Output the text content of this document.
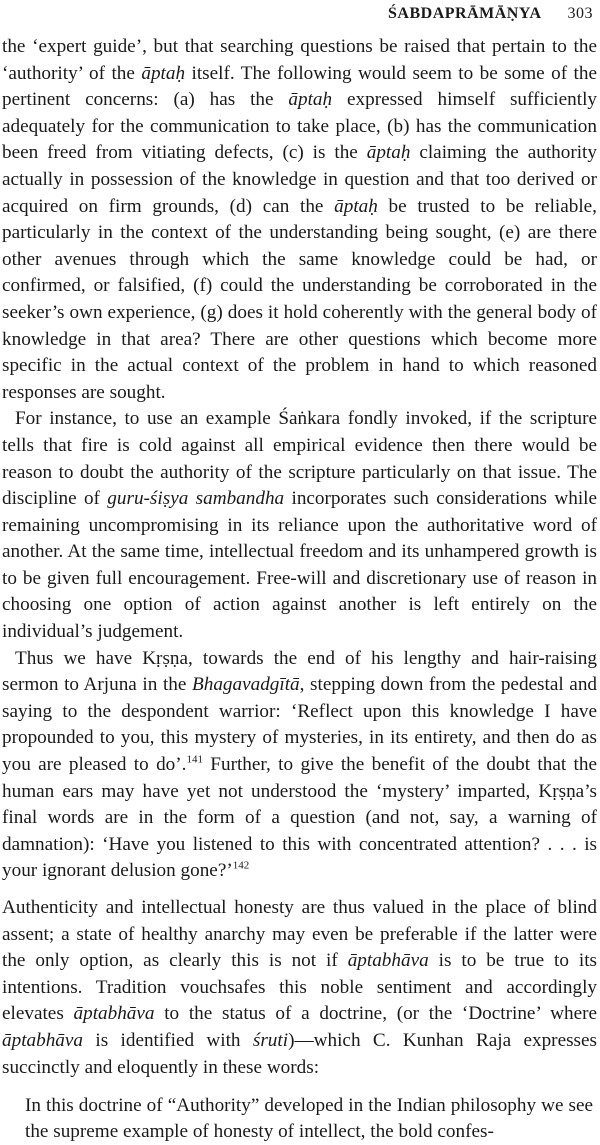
ŚABDAPRĀMĀṆYA 303

the ‘expert guide’, but that searching questions be raised that pertain to the ‘authority’ of the āptaḥ itself. The following would seem to be some of the pertinent concerns: (a) has the āptaḥ expressed himself sufficiently adequately for the communication to take place, (b) has the communication been freed from vitiating defects, (c) is the āptaḥ claiming the authority actually in possession of the knowledge in question and that too derived or acquired on firm grounds, (d) can the āptaḥ be trusted to be reliable, particularly in the context of the understanding being sought, (e) are there other avenues through which the same knowledge could be had, or confirmed, or falsified, (f) could the understanding be corroborated in the seeker’s own experience, (g) does it hold coherently with the general body of knowledge in that area? There are other questions which become more specific in the actual context of the problem in hand to which reasoned responses are sought.

For instance, to use an example Śaṅkara fondly invoked, if the scripture tells that fire is cold against all empirical evidence then there would be reason to doubt the authority of the scripture particularly on that issue. The discipline of guru-śiṣya sambandha incorporates such considerations while remaining uncompromising in its reliance upon the authoritative word of another. At the same time, intellectual freedom and its unhampered growth is to be given full encouragement. Free-will and discretionary use of reason in choosing one option of action against another is left entirely on the individual’s judgement.

Thus we have Kṛṣṇa, towards the end of his lengthy and hair-raising sermon to Arjuna in the Bhagavadgītā, stepping down from the pedestal and saying to the despondent warrior: ‘Reflect upon this knowledge I have propounded to you, this mystery of mysteries, in its entirety, and then do as you are pleased to do’.$^{141}$ Further, to give the benefit of the doubt that the human ears may have yet not understood the ‘mystery’ imparted, Kṛṣṇa’s final words are in the form of a question (and not, say, a warning of damnation): ‘Have you listened to this with concentrated attention? . . . is your ignorant delusion gone?’$^{142}$

Authenticity and intellectual honesty are thus valued in the place of blind assent; a state of healthy anarchy may even be preferable if the latter were the only option, as clearly this is not if āptabhāva is to be true to its intentions. Tradition vouchsafes this noble sentiment and accordingly elevates āptabhāva to the status of a doctrine, (or the ‘Doctrine’ where āptabhāva is identified with śruti)—which C. Kunhan Raja expresses succinctly and eloquently in these words:

In this doctrine of “Authority” developed in the Indian philosophy we see the supreme example of honesty of intellect, the bold confes-
